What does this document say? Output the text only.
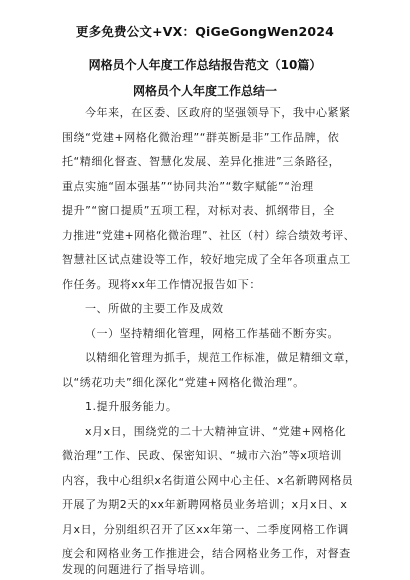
更多免费公文+VX：QiGeGongWen2024
网格员个人年度工作总结报告范文（10篇）
网格员个人年度工作总结一
今年来，在区委、区政府的坚强领导下，我中心紧紧
围绕“党建+网格化微治理”“群英断是非”工作品牌，依
托“精细化督查、智慧化发展、差异化推进”三条路径，
重点实施“固本强基”“协同共治”“数字赋能”“治理
提升”“窗口提质”五项工程，对标对表、抓纲带目，全
力推进“党建+网格化微治理”、社区（村）综合绩效考评、
智慧社区试点建设等工作，较好地完成了全年各项重点工
作任务。现将xx年工作情况报告如下：
一、所做的主要工作及成效
（一）坚持精细化管理，网格工作基础不断夯实。
以精细化管理为抓手，规范工作标准，做足精细文章，
以“绣花功夫”细化深化“党建+网格化微治理”。
1.提升服务能力。
x月x日，围绕党的二十大精神宣讲、“党建+网格化
微治理”工作、民政、保密知识、“城市六治”等x项培训
内容，我中心组织x名街道公网中心主任、x名新聘网格员
开展了为期2天的xx年新聘网格员业务培训；x月x日、x
月x日，分别组织召开了区xx年第一、二季度网格工作调
度会和网格业务工作推进会，结合网格业务工作，对督查
发现的问题进行了指导培训。
